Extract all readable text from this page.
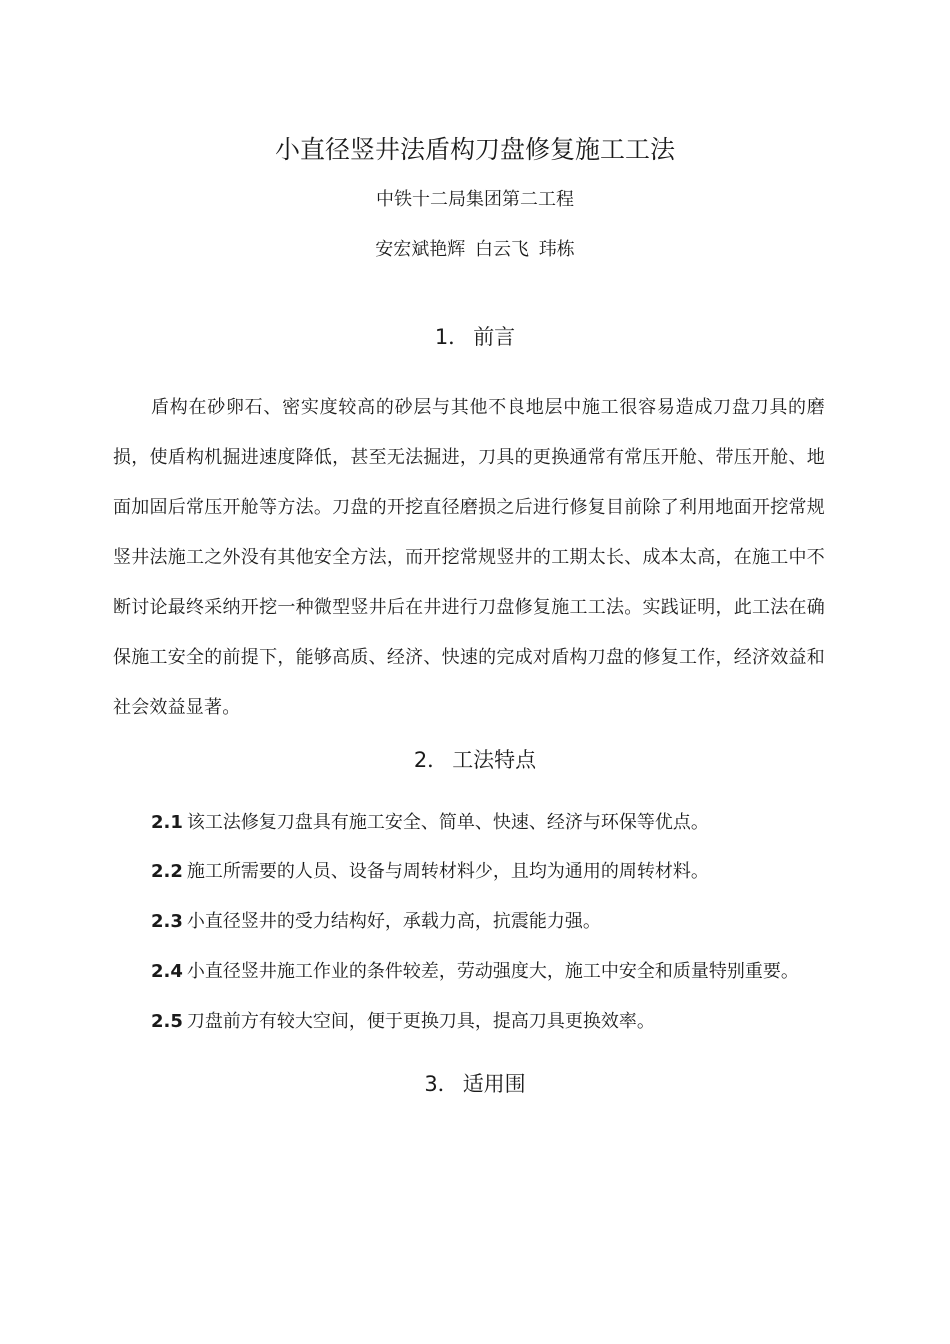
小直径竖井法盾构刀盘修复施工工法
中铁十二局集团第二工程
安宏斌艳辉 白云飞 玮栋
1． 前言

盾构在砂卵石、密实度较高的砂层与其他不良地层中施工很容易造成刀盘刀具的磨损，使盾构机掘进速度降低，甚至无法掘进，刀具的更换通常有常压开舱、带压开舱、地面加固后常压开舱等方法。刀盘的开挖直径磨损之后进行修复目前除了利用地面开挖常规竖井法施工之外没有其他安全方法，而开挖常规竖井的工期太长、成本太高，在施工中不断讨论最终采纳开挖一种微型竖井后在井进行刀盘修复施工工法。实践证明，此工法在确保施工安全的前提下，能够高质、经济、快速的完成对盾构刀盘的修复工作，经济效益和社会效益显著。

2． 工法特点
2.1 该工法修复刀盘具有施工安全、简单、快速、经济与环保等优点。
2.2 施工所需要的人员、设备与周转材料少，且均为通用的周转材料。
2.3 小直径竖井的受力结构好，承载力高，抗震能力强。
2.4 小直径竖井施工作业的条件较差，劳动强度大，施工中安全和质量特别重要。
2.5 刀盘前方有较大空间，便于更换刀具，提高刀具更换效率。
3． 适用围
